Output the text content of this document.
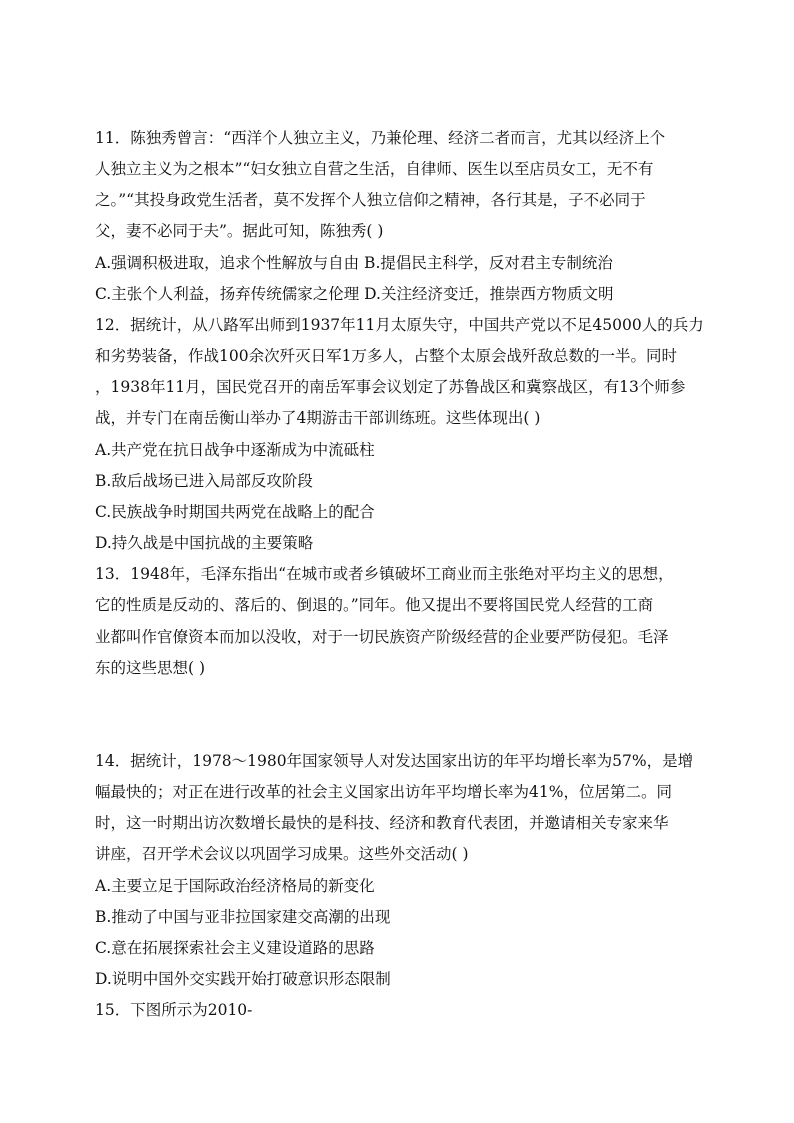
11．陈独秀曾言：“西洋个人独立主义，乃兼伦理、经济二者而言，尤其以经济上个
人独立主义为之根本”“妇女独立自营之生活，自律师、医生以至店员女工，无不有
之。”“其投身政党生活者，莫不发挥个人独立信仰之精神，各行其是，子不必同于
父，妻不必同于夫”。据此可知，陈独秀( )
A.强调积极进取，追求个性解放与自由 B.提倡民主科学，反对君主专制统治
C.主张个人利益，扬弃传统儒家之伦理 D.关注经济变迁，推崇西方物质文明
12．据统计，从八路军出师到1937年11月太原失守，中国共产党以不足45000人的兵力
和劣势装备，作战100余次歼灭日军1万多人，占整个太原会战歼敌总数的一半。同时
，1938年11月，国民党召开的南岳军事会议划定了苏鲁战区和冀察战区，有13个师参
战，并专门在南岳衡山举办了4期游击干部训练班。这些体现出( )
A.共产党在抗日战争中逐渐成为中流砥柱
B.敌后战场已进入局部反攻阶段
C.民族战争时期国共两党在战略上的配合
D.持久战是中国抗战的主要策略
13．1948年，毛泽东指出“在城市或者乡镇破坏工商业而主张绝对平均主义的思想，
它的性质是反动的、落后的、倒退的。”同年。他又提出不要将国民党人经营的工商
业都叫作官僚资本而加以没收，对于一切民族资产阶级经营的企业要严防侵犯。毛泽
东的这些思想( )
14．据统计，1978～1980年国家领导人对发达国家出访的年平均增长率为57%，是增
幅最快的；对正在进行改革的社会主义国家出访年平均增长率为41%，位居第二。同
时，这一时期出访次数增长最快的是科技、经济和教育代表团，并邀请相关专家来华
讲座，召开学术会议以巩固学习成果。这些外交活动( )
A.主要立足于国际政治经济格局的新变化
B.推动了中国与亚非拉国家建交高潮的出现
C.意在拓展探索社会主义建设道路的思路
D.说明中国外交实践开始打破意识形态限制
15．下图所示为2010-
